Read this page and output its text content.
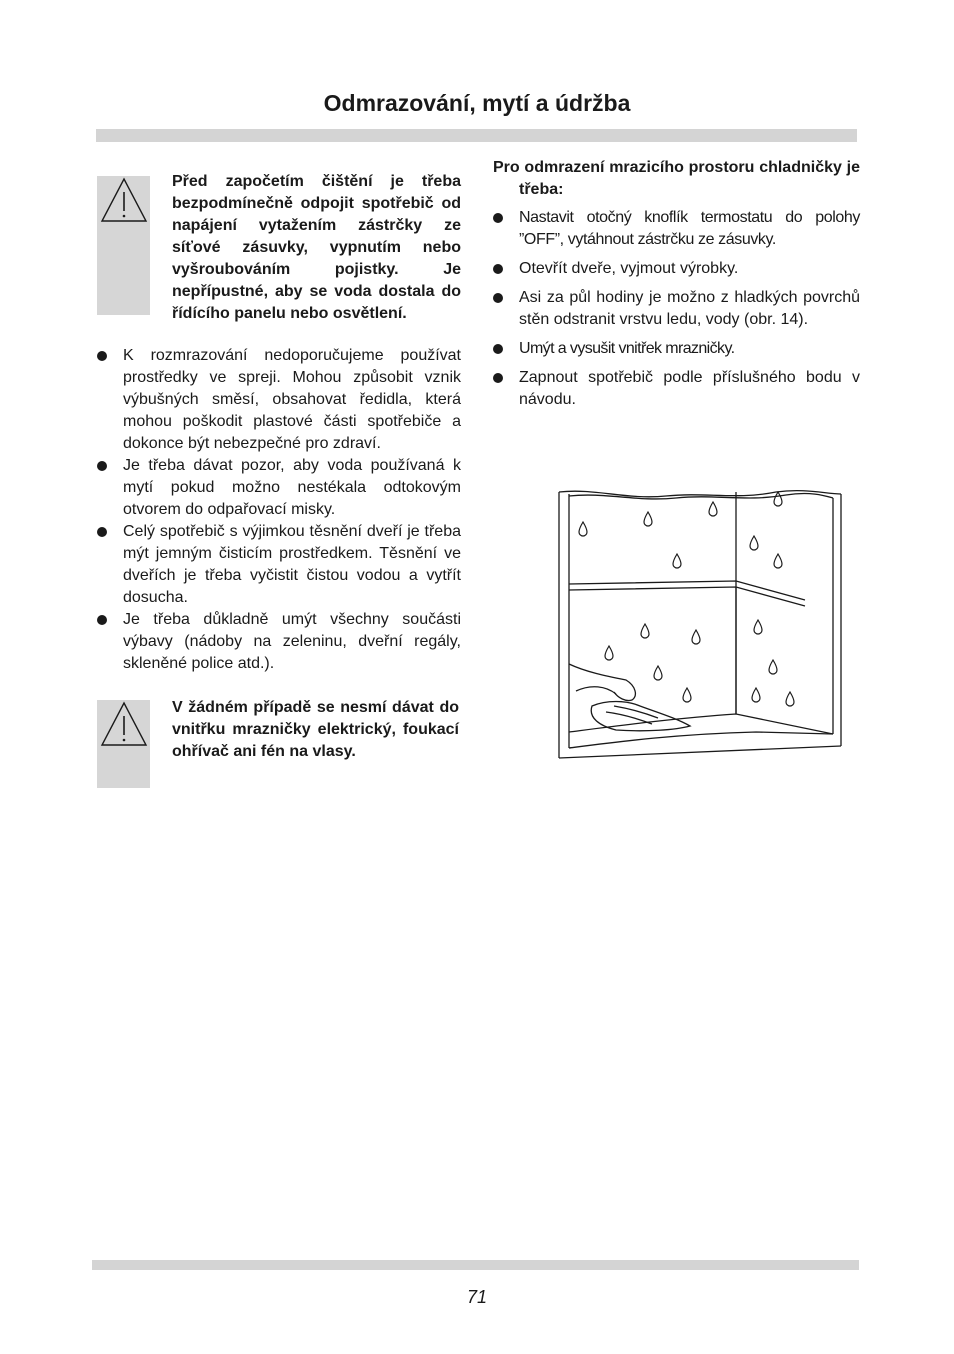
Odmrazování, mytí a údržba
Před započetím čištění je třeba bezpodmínečně odpojit spotřebič od napájení vytažením zástrčky ze síťové zásuvky, vypnutím nebo vyšroubováním pojistky. Je nepřípustné, aby se voda dostala do řídícího panelu nebo osvětlení.
K rozmrazování nedoporučujeme používat prostředky ve spreji. Mohou způsobit vznik výbušných směsí, obsahovat ředidla, která mohou poškodit plastové části spotřebiče a dokonce být nebezpečné pro zdraví.
Je třeba dávat pozor, aby voda používaná k mytí pokud možno nestékala odtokovým otvorem do odpařovací misky.
Celý spotřebič s výjimkou těsnění dveří je třeba mýt jemným čisticím prostředkem. Těsnění ve dveřích je třeba vyčistit čistou vodou a vytřít dosucha.
Je třeba důkladně umýt všechny součásti výbavy (nádoby na zeleninu, dveřní regály, skleněné police atd.).
V žádném případě se nesmí dávat do vnitřku mrazničky elektrický, foukací ohřívač ani fén na vlasy.
Pro odmrazení mrazicího prostoru chladničky je třeba:
Nastavit otočný knoflík termostatu do polohy ”OFF”, vytáhnout zástrčku ze zásuvky.
Otevřít dveře, vyjmout výrobky.
Asi za půl hodiny je možno z hladkých povrchů stěn odstranit vrstvu ledu, vody (obr. 14).
Umýt a vysušit vnitřek mrazničky.
Zapnout spotřebič podle příslušného bodu v návodu.
71
